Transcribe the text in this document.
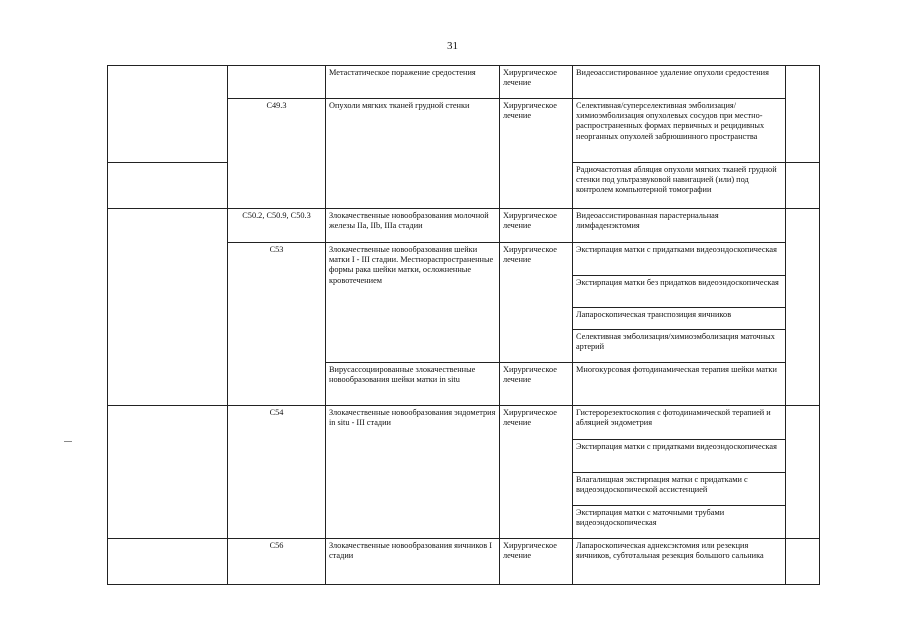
31
		Метастатическое поражение средостения	Хирургическое лечение	Видеоассистированное удаление опухоли средостения	
	C49.3	Опухоли мягких тканей грудной стенки	Хирургическое лечение	Селективная/суперселективная эмболизация/химиоэмболизация опухолевых сосудов при местно-распространенных формах первичных и рецидивных неорганных опухолей забрюшинного пространства	
				Радиочастотная абляция опухоли мягких тканей грудной стенки под ультразвуковой навигацией (или) под контролем компьютерной томографии	
	C50.2, C50.9, C50.3	Злокачественные новообразования молочной железы IIa, IIb, IIIa стадии	Хирургическое лечение	Видеоассистированная парастернальная лимфаденэктомия	
	C53	Злокачественные новообразования шейки матки I - III стадии. Местнораспространенные формы рака шейки матки, осложненные кровотечением	Хирургическое лечение	Экстирпация матки с придатками видеоэндоскопическая	
				Экстирпация матки без придатков видеоэндоскопическая	
				Лапароскопическая транспозиция яичников	
				Селективная эмболизация/химиоэмболизация маточных артерий	
		Вирусассоциированные злокачественные новообразования шейки матки in situ	Хирургическое лечение	Многокурсовая фотодинамическая терапия шейки матки	

	C54	Злокачественные новообразования эндометрия in situ - III стадии	Хирургическое лечение	Гистерорезектоскопия с фотодинамической терапией и абляцией эндометрия	
				Экстирпация матки с придатками видеоэндоскопическая	
				Влагалищная экстирпация матки с придатками с видеоэндоскопической ассистенцией	
				Экстирпация матки с маточными трубами видеоэндоскопическая	
	C56	Злокачественные новообразования яичников I стадии	Хирургическое лечение	Лапароскопическая аднексэктомия или резекция яичников, субтотальная резекция большого сальника	
